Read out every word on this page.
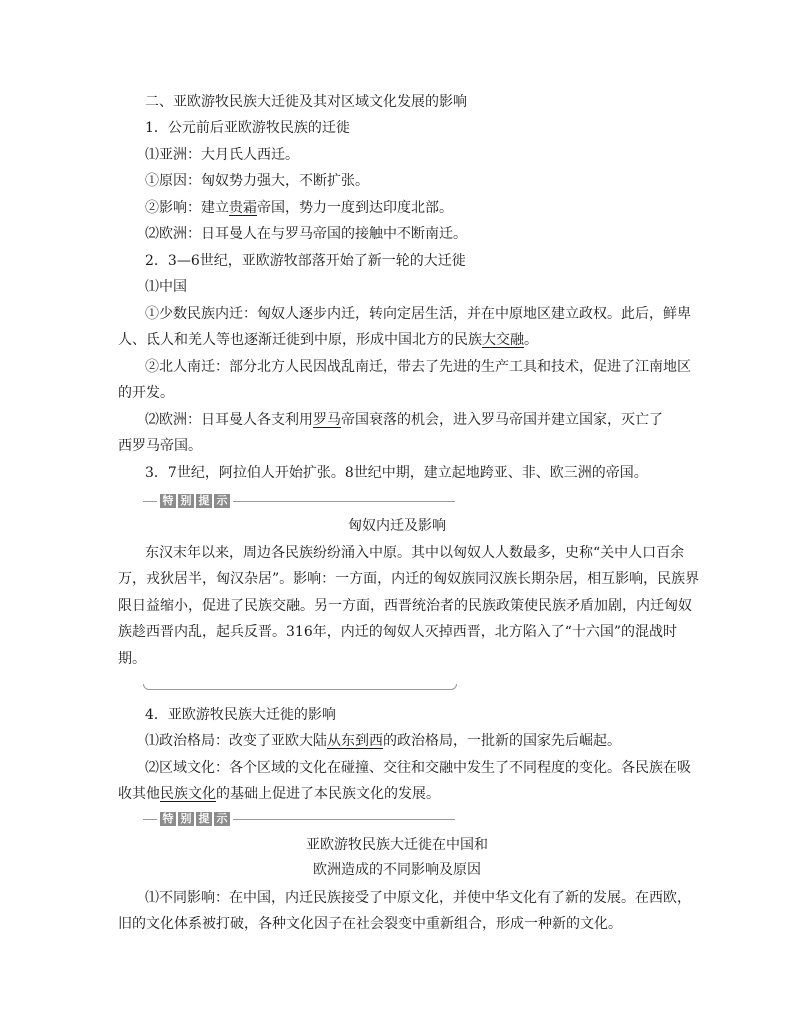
二、亚欧游牧民族大迁徙及其对区域文化发展的影响
1．公元前后亚欧游牧民族的迁徙
⑴亚洲：大月氏人西迁。
①原因：匈奴势力强大，不断扩张。
②影响：建立贵霜帝国，势力一度到达印度北部。
⑵欧洲：日耳曼人在与罗马帝国的接触中不断南迁。
2．3—6世纪，亚欧游牧部落开始了新一轮的大迁徙
⑴中国
①少数民族内迁：匈奴人逐步内迁，转向定居生活，并在中原地区建立政权。此后，鲜卑
人、氐人和羌人等也逐渐迁徙到中原，形成中国北方的民族大交融。
②北人南迁：部分北方人民因战乱南迁，带去了先进的生产工具和技术，促进了江南地区
的开发。
⑵欧洲：日耳曼人各支利用罗马帝国衰落的机会，进入罗马帝国并建立国家，灭亡了
西罗马帝国。
3．7世纪，阿拉伯人开始扩张。8世纪中期，建立起地跨亚、非、欧三洲的帝国。
特 别 提 示
匈奴内迁及影响
东汉末年以来，周边各民族纷纷涌入中原。其中以匈奴人人数最多，史称“关中人口百余
万，戎狄居半，匈汉杂居”。影响：一方面，内迁的匈奴族同汉族长期杂居，相互影响，民族界
限日益缩小，促进了民族交融。另一方面，西晋统治者的民族政策使民族矛盾加剧，内迁匈奴
族趁西晋内乱，起兵反晋。316年，内迁的匈奴人灭掉西晋，北方陷入了“十六国”的混战时
期。
4．亚欧游牧民族大迁徙的影响
⑴政治格局：改变了亚欧大陆从东到西的政治格局，一批新的国家先后崛起。
⑵区域文化：各个区域的文化在碰撞、交往和交融中发生了不同程度的变化。各民族在吸
收其他民族文化的基础上促进了本民族文化的发展。
特 别 提 示
亚欧游牧民族大迁徙在中国和
欧洲造成的不同影响及原因
⑴不同影响：在中国，内迁民族接受了中原文化，并使中华文化有了新的发展。在西欧，
旧的文化体系被打破，各种文化因子在社会裂变中重新组合，形成一种新的文化。
